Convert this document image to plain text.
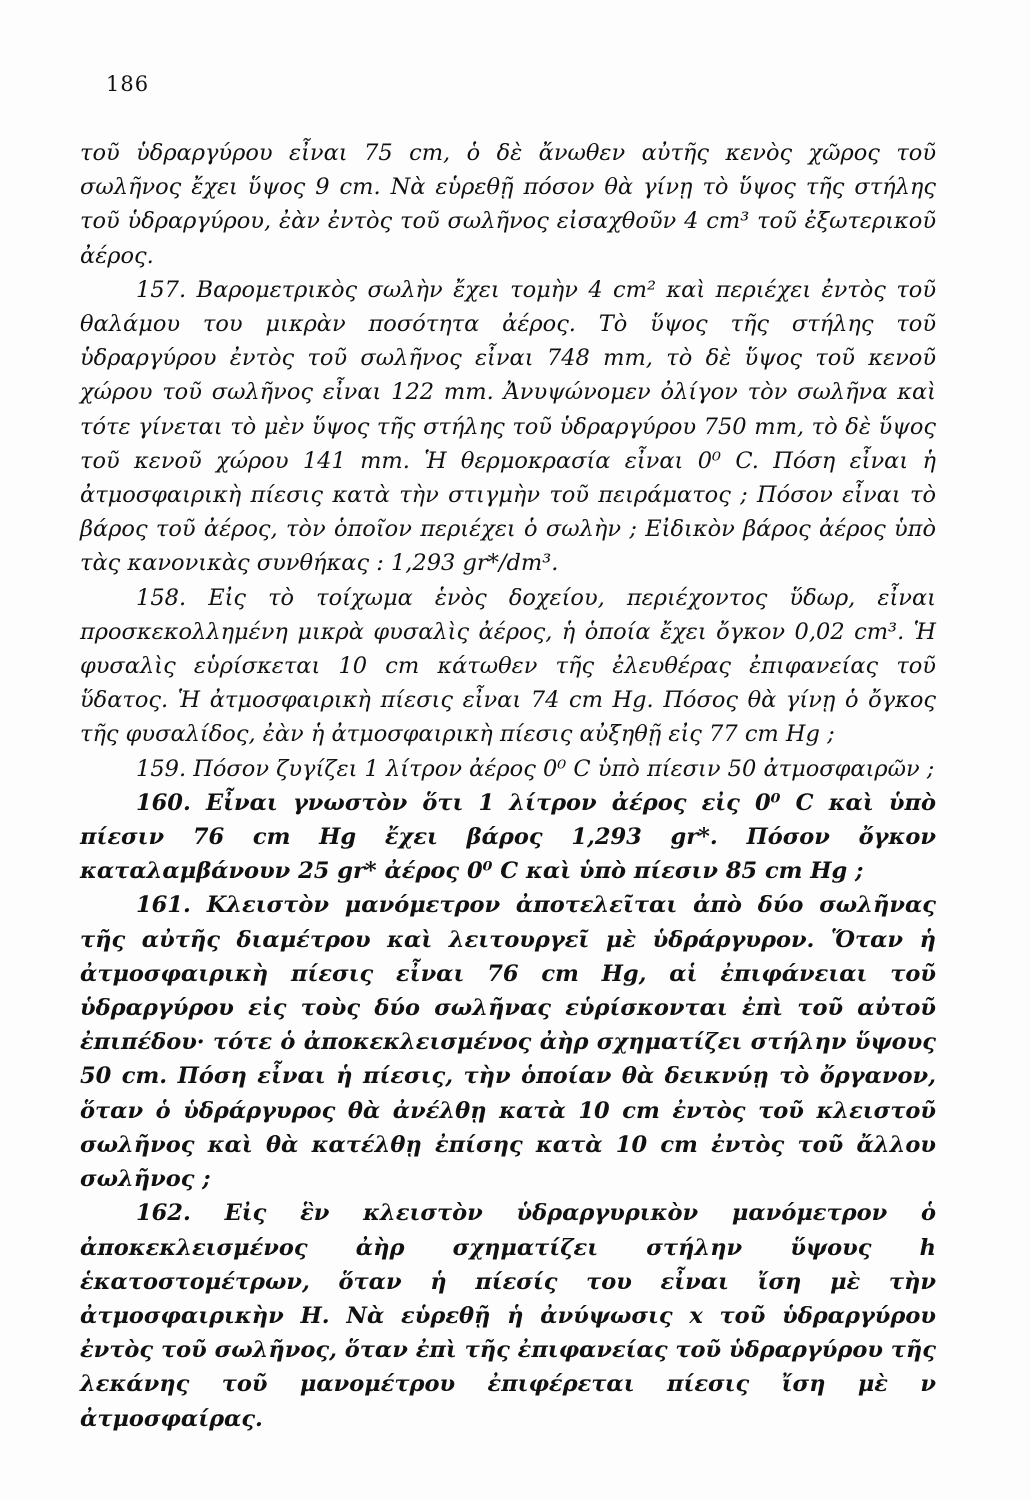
186

τοῦ ὑδραργύρου εἶναι 75 cm, ὁ δὲ ἄνωθεν αὐτῆς κενὸς χῶρος τοῦ σωλῆνος ἔχει ὕψος 9 cm. Νὰ εὑρεθῇ πόσον θὰ γίνῃ τὸ ὕψος τῆς στήλης τοῦ ὑδραργύρου, ἐὰν ἐντὸς τοῦ σωλῆνος εἰσαχθοῦν 4 cm³ τοῦ ἐξωτερικοῦ ἀέρος.

157. Βαρομετρικὸς σωλὴν ἔχει τομὴν 4 cm² καὶ περιέχει ἐντὸς τοῦ θαλάμου του μικρὰν ποσότητα ἀέρος. Τὸ ὕψος τῆς στήλης τοῦ ὑδραργύρου ἐντὸς τοῦ σωλῆνος εἶναι 748 mm, τὸ δὲ ὕψος τοῦ κενοῦ χώρου τοῦ σωλῆνος εἶναι 122 mm. Ἀνυψώνομεν ὀλίγον τὸν σωλῆνα καὶ τότε γίνεται τὸ μὲν ὕψος τῆς στήλης τοῦ ὑδραργύρου 750 mm, τὸ δὲ ὕψος τοῦ κενοῦ χώρου 141 mm. Ἡ θερμοκρασία εἶναι 0⁰ C. Πόση εἶναι ἡ ἀτμοσφαιρικὴ πίεσις κατὰ τὴν στιγμὴν τοῦ πειράματος ; Πόσον εἶναι τὸ βάρος τοῦ ἀέρος, τὸν ὁποῖον περιέχει ὁ σωλὴν ; Εἰδικὸν βάρος ἀέρος ὑπὸ τὰς κανονικὰς συνθήκας : 1,293 gr*/dm³.

158. Εἰς τὸ τοίχωμα ἑνὸς δοχείου, περιέχοντος ὕδωρ, εἶναι προσκεκολλημένη μικρὰ φυσαλὶς ἀέρος, ἡ ὁποία ἔχει ὄγκον 0,02 cm³. Ἡ φυσαλὶς εὑρίσκεται 10 cm κάτωθεν τῆς ἐλευθέρας ἐπιφανείας τοῦ ὕδατος. Ἡ ἀτμοσφαιρικὴ πίεσις εἶναι 74 cm Hg. Πόσος θὰ γίνῃ ὁ ὄγκος τῆς φυσαλίδος, ἐὰν ἡ ἀτμοσφαιρικὴ πίεσις αὐξηθῇ εἰς 77 cm Hg ;

159. Πόσον ζυγίζει 1 λίτρον ἀέρος 0⁰ C ὑπὸ πίεσιν 50 ἀτμοσφαιρῶν ;

160. Εἶναι γνωστὸν ὅτι 1 λίτρον ἀέρος εἰς 0⁰ C καὶ ὑπὸ πίεσιν 76 cm Hg ἔχει βάρος 1,293 gr*. Πόσον ὄγκον καταλαμβάνουν 25 gr* ἀέρος 0⁰ C καὶ ὑπὸ πίεσιν 85 cm Hg ;

161. Κλειστὸν μανόμετρον ἀποτελεῖται ἀπὸ δύο σωλῆνας τῆς αὐτῆς διαμέτρου καὶ λειτουργεῖ μὲ ὑδράργυρον. Ὅταν ἡ ἀτμοσφαιρικὴ πίεσις εἶναι 76 cm Hg, αἱ ἐπιφάνειαι τοῦ ὑδραργύρου εἰς τοὺς δύο σωλῆνας εὑρίσκονται ἐπὶ τοῦ αὐτοῦ ἐπιπέδου· τότε ὁ ἀποκεκλεισμένος ἀὴρ σχηματίζει στήλην ὕψους 50 cm. Πόση εἶναι ἡ πίεσις, τὴν ὁποίαν θὰ δεικνύῃ τὸ ὄργανον, ὅταν ὁ ὑδράργυρος θὰ ἀνέλθῃ κατὰ 10 cm ἐντὸς τοῦ κλειστοῦ σωλῆνος καὶ θὰ κατέλθῃ ἐπίσης κατὰ 10 cm ἐντὸς τοῦ ἄλλου σωλῆνος ;

162. Εἰς ἓν κλειστὸν ὑδραργυρικὸν μανόμετρον ὁ ἀποκεκλεισμένος ἀὴρ σχηματίζει στήλην ὕψους h ἑκατοστομέτρων, ὅταν ἡ πίεσίς του εἶναι ἴση μὲ τὴν ἀτμοσφαιρικὴν H. Νὰ εὑρεθῇ ἡ ἀνύψωσις x τοῦ ὑδραργύρου ἐντὸς τοῦ σωλῆνος, ὅταν ἐπὶ τῆς ἐπιφανείας τοῦ ὑδραργύρου τῆς λεκάνης τοῦ μανομέτρου ἐπιφέρεται πίεσις ἴση μὲ ν ἀτμοσφαίρας.
